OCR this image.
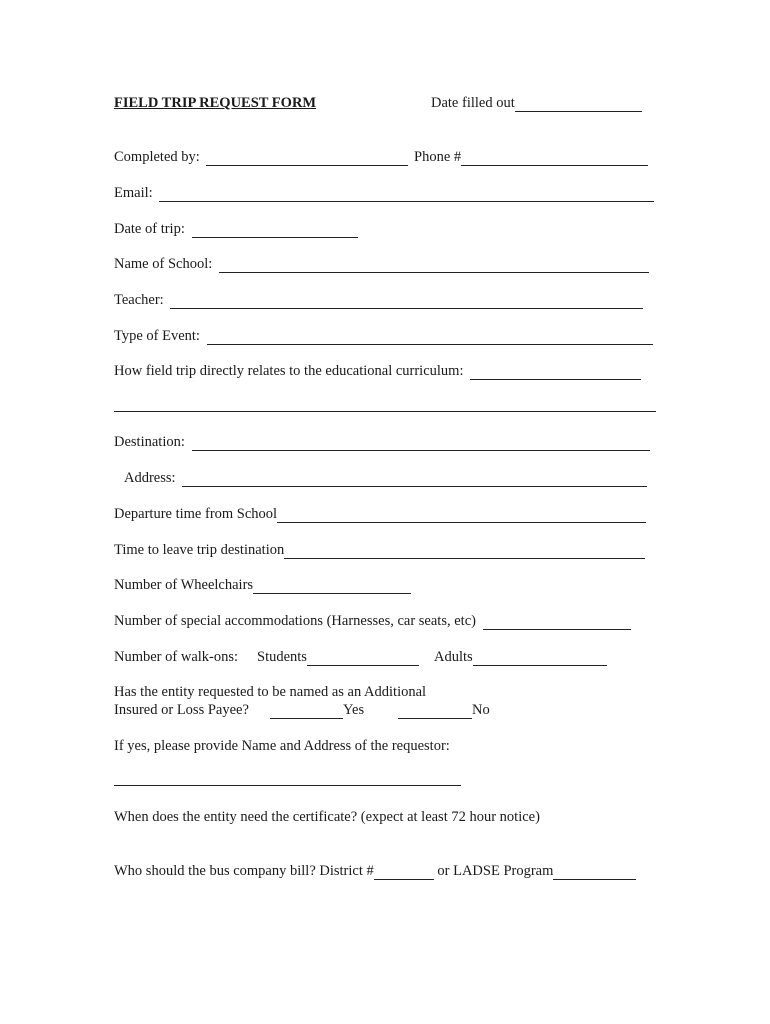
FIELD TRIP REQUEST FORM	Date filled out
Completed by:	Phone #
Email:
Date of trip:
Name of School:
Teacher:
Type of Event:
How field trip directly relates to the educational curriculum:
Destination:
Address:
Departure time from School
Time to leave trip destination
Number of Wheelchairs
Number of special accommodations (Harnesses, car seats, etc)
Number of walk-ons: Students	Adults
Has the entity requested to be named as an Additional
Insured or Loss Payee?	Yes	No
If yes, please provide Name and Address of the requestor:
When does the entity need the certificate? (expect at least 72 hour notice)
Who should the bus company bill? District #	or LADSE Program
